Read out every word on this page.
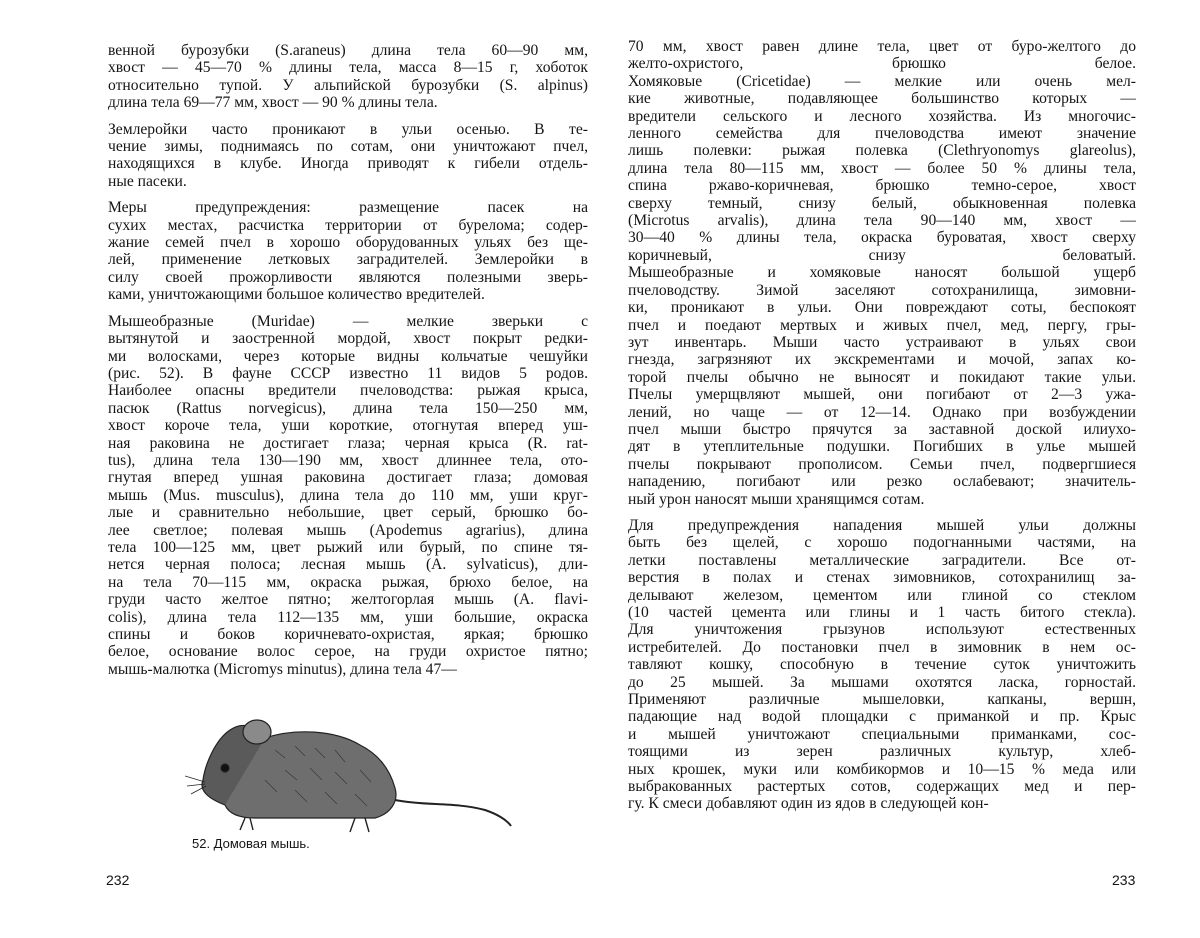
венной бурозубки (S.araneus) длина тела 60—90 мм,
хвост — 45—70 % длины тела, масса 8—15 г, хоботок
относительно тупой. У альпийской бурозубки (S. alpinus)
длина тела 69—77 мм, хвост — 90 % длины тела.
Землеройки часто проникают в ульи осенью. В те-
чение зимы, поднимаясь по сотам, они уничтожают пчел,
находящихся в клубе. Иногда приводят к гибели отдель-
ные пасеки.
Меры предупреждения: размещение пасек на
сухих местах, расчистка территории от бурелома; содер-
жание семей пчел в хорошо оборудованных ульях без ще-
лей, применение летковых заградителей. Землеройки в
силу своей прожорливости являются полезными зверь-
ками, уничтожающими большое количество вредителей.
Мышеобразные (Muridae) — мелкие зверьки с
вытянутой и заостренной мордой, хвост покрыт редки-
ми волосками, через которые видны кольчатые чешуйки
(рис. 52). В фауне СССР известно 11 видов 5 родов.
Наиболее опасны вредители пчеловодства: рыжая крыса,
пасюк (Rattus norvegicus), длина тела 150—250 мм,
хвост короче тела, уши короткие, отогнутая вперед уш-
ная раковина не достигает глаза; черная крыса (R. rat-
tus), длина тела 130—190 мм, хвост длиннее тела, ото-
гнутая вперед ушная раковина достигает глаза; домовая
мышь (Mus. musculus), длина тела до 110 мм, уши круг-
лые и сравнительно небольшие, цвет серый, брюшко бо-
лее светлое; полевая мышь (Apodemus agrarius), длина
тела 100—125 мм, цвет рыжий или бурый, по спине тя-
нется черная полоса; лесная мышь (A. sylvaticus), дли-
на тела 70—115 мм, окраска рыжая, брюхо белое, на
груди часто желтое пятно; желтогорлая мышь (A. flavi-
colis), длина тела 112—135 мм, уши большие, окраска
спины и боков коричневато-охристая, яркая; брюшко
белое, основание волос серое, на груди охристое пятно;
мышь-малютка (Micromys minutus), длина тела 47—
52. Домовая мышь.
232
70 мм, хвост равен длине тела, цвет от буро-желтого до
желто-охристого, брюшко белое.
Хомяковые (Cricetidae) — мелкие или очень мел-
кие животные, подавляющее большинство которых —
вредители сельского и лесного хозяйства. Из многочис-
ленного семейства для пчеловодства имеют значение
лишь полевки: рыжая полевка (Clethryonomys glareolus),
длина тела 80—115 мм, хвост — более 50 % длины тела,
спина ржаво-коричневая, брюшко темно-серое, хвост
сверху темный, снизу белый, обыкновенная полевка
(Microtus arvalis), длина тела 90—140 мм, хвост —
30—40 % длины тела, окраска буроватая, хвост сверху
коричневый, снизу беловатый.
Мышеобразные и хомяковые наносят большой ущерб
пчеловодству. Зимой заселяют сотохранилища, зимовни-
ки, проникают в ульи. Они повреждают соты, беспокоят
пчел и поедают мертвых и живых пчел, мед, пергу, гры-
зут инвентарь. Мыши часто устраивают в ульях свои
гнезда, загрязняют их экскрементами и мочой, запах ко-
торой пчелы обычно не выносят и покидают такие ульи.
Пчелы умерщвляют мышей, они погибают от 2—3 ужа-
лений, но чаще — от 12—14. Однако при возбуждении
пчел мыши быстро прячутся за заставной доской илиухо-
дят в утеплительные подушки. Погибших в улье мышей
пчелы покрывают прополисом. Семьи пчел, подвергшиеся
нападению, погибают или резко ослабевают; значитель-
ный урон наносят мыши хранящимся сотам.
Для предупреждения нападения мышей ульи должны
быть без щелей, с хорошо подогнанными частями, на
летки поставлены металлические заградители. Все от-
верстия в полах и стенах зимовников, сотохранилищ за-
делывают железом, цементом или глиной со стеклом
(10 частей цемента или глины и 1 часть битого стекла).
Для уничтожения грызунов используют естественных
истребителей. До постановки пчел в зимовник в нем ос-
тавляют кошку, способную в течение суток уничтожить
до 25 мышей. За мышами охотятся ласка, горностай.
Применяют различные мышеловки, капканы, вершн,
падающие над водой площадки с приманкой и пр. Крыс
и мышей уничтожают специальными приманками, сос-
тоящими из зерен различных культур, хлеб-
ных крошек, муки или комбикормов и 10—15 % меда или
выбракованных растертых сотов, содержащих мед и пер-
гу. К смеси добавляют один из ядов в следующей кон-
233
